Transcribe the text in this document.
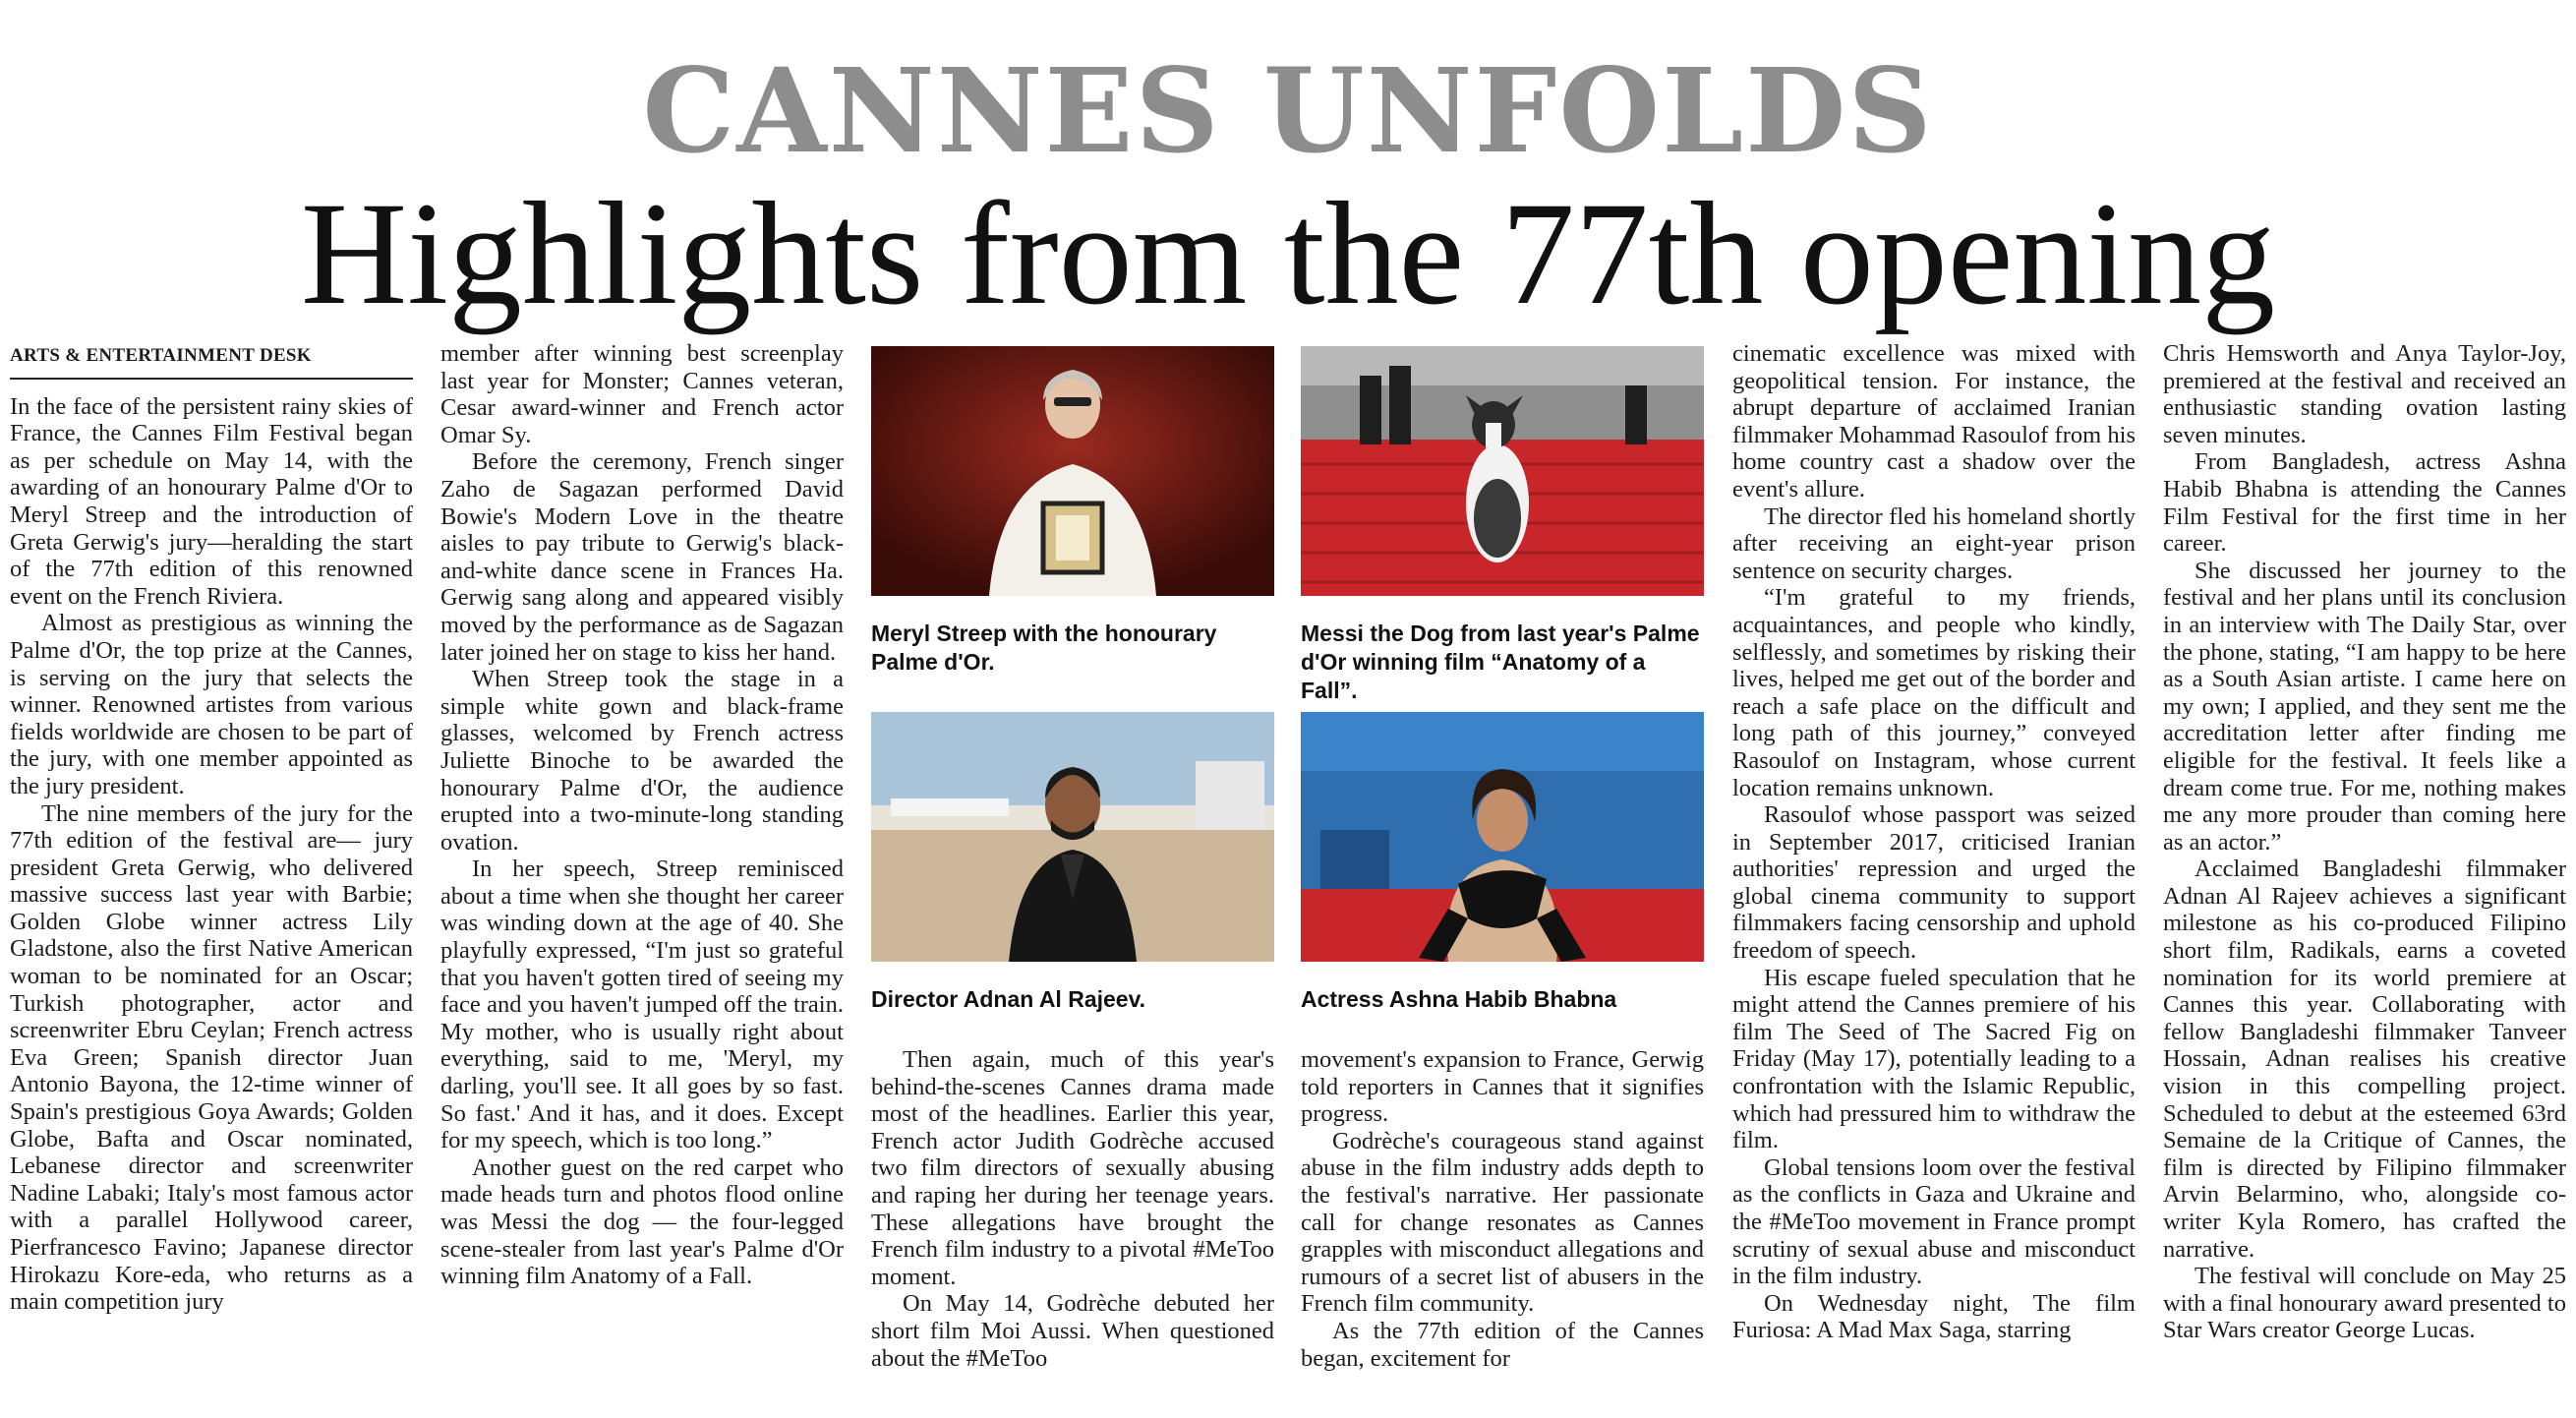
CANNES UNFOLDS
Highlights from the 77th opening
ARTS & ENTERTAINMENT DESK

In the face of the persistent rainy skies of France, the Cannes Film Festival began as per schedule on May 14, with the awarding of an honourary Palme d'Or to Meryl Streep and the introduction of Greta Gerwig's jury—heralding the start of the 77th edition of this renowned event on the French Riviera.

Almost as prestigious as winning the Palme d'Or, the top prize at the Cannes, is serving on the jury that selects the winner. Renowned artistes from various fields worldwide are chosen to be part of the jury, with one member appointed as the jury president.

The nine members of the jury for the 77th edition of the festival are— jury president Greta Gerwig, who delivered massive success last year with Barbie; Golden Globe winner actress Lily Gladstone, also the first Native American woman to be nominated for an Oscar; Turkish photographer, actor and screenwriter Ebru Ceylan; French actress Eva Green; Spanish director Juan Antonio Bayona, the 12-time winner of Spain's prestigious Goya Awards; Golden Globe, Bafta and Oscar nominated, Lebanese director and screenwriter Nadine Labaki; Italy's most famous actor with a parallel Hollywood career, Pierfrancesco Favino; Japanese director Hirokazu Kore-eda, who returns as a main competition jury

member after winning best screenplay last year for Monster; Cannes veteran, Cesar award-winner and French actor Omar Sy.

Before the ceremony, French singer Zaho de Sagazan performed David Bowie's Modern Love in the theatre aisles to pay tribute to Gerwig's black-and-white dance scene in Frances Ha. Gerwig sang along and appeared visibly moved by the performance as de Sagazan later joined her on stage to kiss her hand.

When Streep took the stage in a simple white gown and black-frame glasses, welcomed by French actress Juliette Binoche to be awarded the honourary Palme d'Or, the audience erupted into a two-minute-long standing ovation.

In her speech, Streep reminisced about a time when she thought her career was winding down at the age of 40. She playfully expressed, “I'm just so grateful that you haven't gotten tired of seeing my face and you haven't jumped off the train. My mother, who is usually right about everything, said to me, 'Meryl, my darling, you'll see. It all goes by so fast. So fast.' And it has, and it does. Except for my speech, which is too long.”

Another guest on the red carpet who made heads turn and photos flood online was Messi the dog — the four-legged scene-stealer from last year's Palme d'Or winning film Anatomy of a Fall.

Meryl Streep with the honourary Palme d'Or.
Messi the Dog from last year's Palme d'Or winning film “Anatomy of a Fall”.
Director Adnan Al Rajeev.	Actress Ashna Habib Bhabna

Then again, much of this year's behind-the-scenes Cannes drama made most of the headlines. Earlier this year, French actor Judith Godrèche accused two film directors of sexually abusing and raping her during her teenage years. These allegations have brought the French film industry to a pivotal #MeToo moment.

On May 14, Godrèche debuted her short film Moi Aussi. When questioned about the #MeToo

movement's expansion to France, Gerwig told reporters in Cannes that it signifies progress.

Godrèche's courageous stand against abuse in the film industry adds depth to the festival's narrative. Her passionate call for change resonates as Cannes grapples with misconduct allegations and rumours of a secret list of abusers in the French film community.

As the 77th edition of the Cannes began, excitement for

cinematic excellence was mixed with geopolitical tension. For instance, the abrupt departure of acclaimed Iranian filmmaker Mohammad Rasoulof from his home country cast a shadow over the event's allure.

The director fled his homeland shortly after receiving an eight-year prison sentence on security charges.

“I'm grateful to my friends, acquaintances, and people who kindly, selflessly, and sometimes by risking their lives, helped me get out of the border and reach a safe place on the difficult and long path of this journey,” conveyed Rasoulof on Instagram, whose current location remains unknown.

Rasoulof whose passport was seized in September 2017, criticised Iranian authorities' repression and urged the global cinema community to support filmmakers facing censorship and uphold freedom of speech.

His escape fueled speculation that he might attend the Cannes premiere of his film The Seed of The Sacred Fig on Friday (May 17), potentially leading to a confrontation with the Islamic Republic, which had pressured him to withdraw the film.

Global tensions loom over the festival as the conflicts in Gaza and Ukraine and the #MeToo movement in France prompt scrutiny of sexual abuse and misconduct in the film industry.

On Wednesday night, The film Furiosa: A Mad Max Saga, starring

Chris Hemsworth and Anya Taylor-Joy, premiered at the festival and received an enthusiastic standing ovation lasting seven minutes.

From Bangladesh, actress Ashna Habib Bhabna is attending the Cannes Film Festival for the first time in her career.

She discussed her journey to the festival and her plans until its conclusion in an interview with The Daily Star, over the phone, stating, “I am happy to be here as a South Asian artiste. I came here on my own; I applied, and they sent me the accreditation letter after finding me eligible for the festival. It feels like a dream come true. For me, nothing makes me any more prouder than coming here as an actor.”

Acclaimed Bangladeshi filmmaker Adnan Al Rajeev achieves a significant milestone as his co-produced Filipino short film, Radikals, earns a coveted nomination for its world premiere at Cannes this year. Collaborating with fellow Bangladeshi filmmaker Tanveer Hossain, Adnan realises his creative vision in this compelling project. Scheduled to debut at the esteemed 63rd Semaine de la Critique of Cannes, the film is directed by Filipino filmmaker Arvin Belarmino, who, alongside co-writer Kyla Romero, has crafted the narrative.

The festival will conclude on May 25 with a final honourary award presented to Star Wars creator George Lucas.
